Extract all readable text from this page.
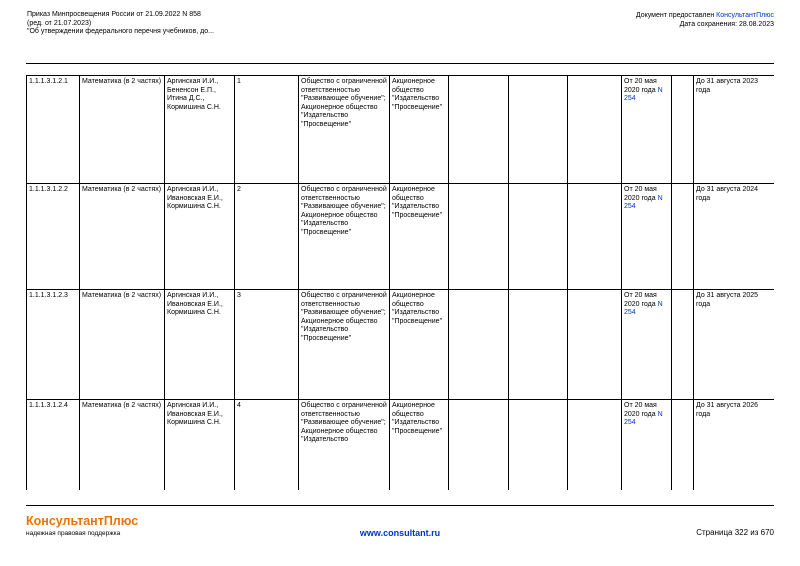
Приказ Минпросвещения России от 21.09.2022 N 858
(ред. от 21.07.2023)
"Об утверждении федерального перечня учебников, до...
Документ предоставлен КонсультантПлюс
Дата сохранения: 28.08.2023
1.1.1.3.1.2.1	Математика (в 2 частях)	Аргинская И.И., Бененсон Е.П., Итина Д.С., Кормишина С.Н.	1	Общество с ограниченной ответственностью "Развивающее обучение"; Акционерное общество "Издательство "Просвещение"	Акционерное общество "Издательство "Просвещение"				От 20 мая 2020 года N 254		До 31 августа 2023 года
1.1.1.3.1.2.2	Математика (в 2 частях)	Аргинская И.И., Ивановская Е.И., Кормишина С.Н.	2	Общество с ограниченной ответственностью "Развивающее обучение"; Акционерное общество "Издательство "Просвещение"	Акционерное общество "Издательство "Просвещение"				От 20 мая 2020 года N 254		До 31 августа 2024 года
1.1.1.3.1.2.3	Математика (в 2 частях)	Аргинская И.И., Ивановская Е.И., Кормишина С.Н.	3	Общество с ограниченной ответственностью "Развивающее обучение"; Акционерное общество "Издательство "Просвещение"	Акционерное общество "Издательство "Просвещение"				От 20 мая 2020 года N 254		До 31 августа 2025 года
1.1.1.3.1.2.4	Математика (в 2 частях)	Аргинская И.И., Ивановская Е.И., Кормишина С.Н.	4	Общество с ограниченной ответственностью "Развивающее обучение"; Акционерное общество "Издательство	Акционерное общество "Издательство "Просвещение"				От 20 мая 2020 года N 254		До 31 августа 2026 года
КонсультантПлюс
надежная правовая поддержка	www.consultant.ru	Страница 322 из 670
